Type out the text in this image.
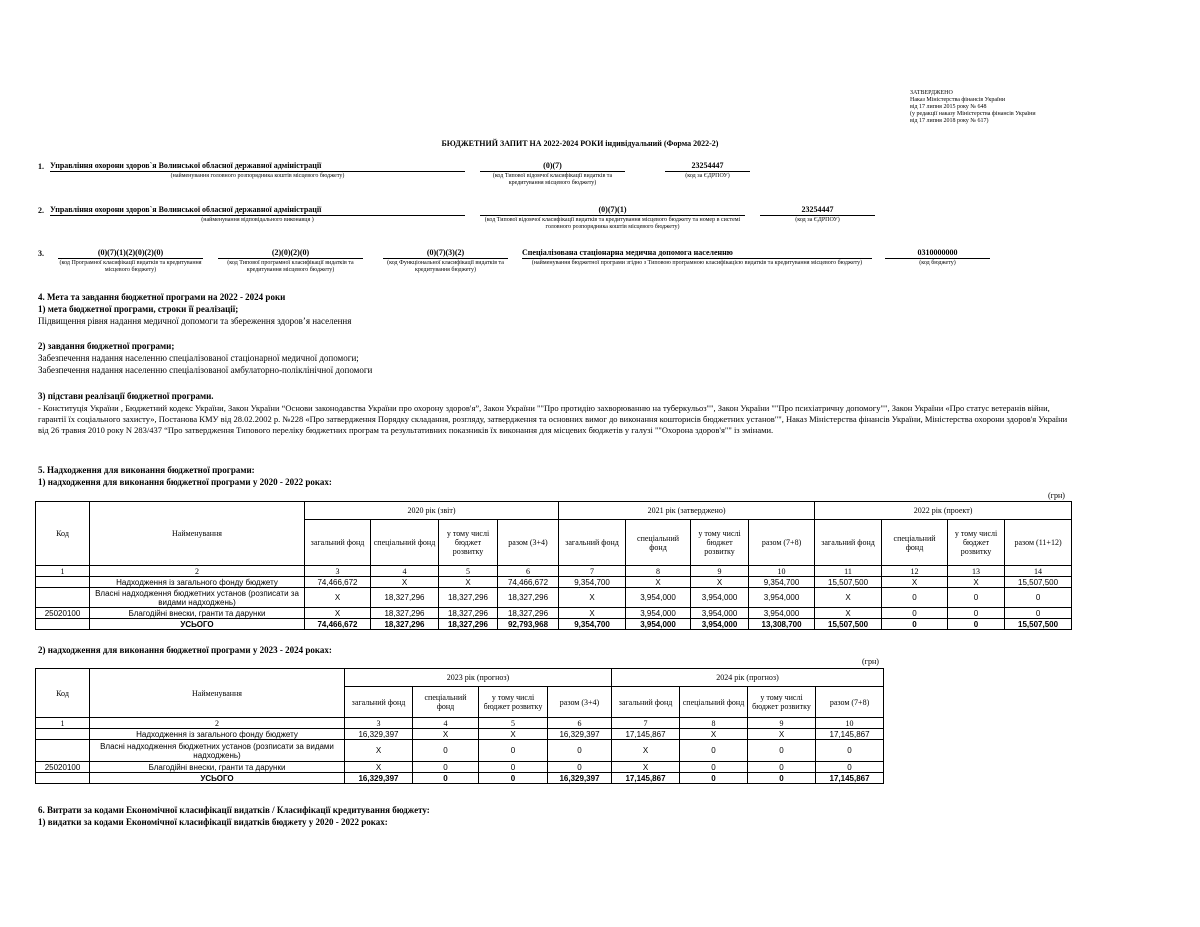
ЗАТВЕРДЖЕНО
Наказ Міністерства фінансів України
від 17 липня 2015 року № 648
(у редакції наказу Міністерства фінансів України
від 17 липня 2018 року № 617)
БЮДЖЕТНИЙ ЗАПИТ НА 2022-2024 РОКИ індивідуальний (Форма 2022-2)
1. Управління охорони здоров`я Волинської обласної державної адміністрації
(найменування головного розпорядника коштів місцевого бюджету)
(0)(7)
(код Типової відомчої класифікації видатків та кредитування місцевого бюджету)
23254447
(код за ЄДРПОУ)
2. Управління охорони здоров`я Волинської обласної державної адміністрації
(найменування відповідального виконавця )
(0)(7)(1)
(код Типової відомчої класифікації видатків та кредитування місцевого бюджету та номер в системі головного розпорядника коштів місцевого бюджету)
23254447
(код за ЄДРПОУ)
3.	(0)(7)(1)(2)(0)(2)(0)
(код Програмної класифікації видатків та кредитування місцевого бюджету)
(2)(0)(2)(0)
(код Типової програмної класифікації видатків та кредитування місцевого бюджету)
(0)(7)(3)(2)
(код Функціональної класифікації видатків та кредитування бюджету)
Спеціалізована стаціонарна медична допомога населенню
(найменування бюджетної програми згідно з Типовою програмною класифікацією видатків та кредитування місцевого бюджету)
0310000000
(код бюджету)
4. Мета та завдання бюджетної програми на 2022 - 2024 роки
1) мета бюджетної програми, строки її реалізації;
Підвищення рівня надання медичної допомоги та збереження здоров’я населення
2) завдання бюджетної програми;
Забезпечення надання населенню спеціалізованої стаціонарної медичної допомоги;
Забезпечення надання населенню спеціалізованої амбулаторно-поліклінічної допомоги
3) підстави реалізації бюджетної програми.
- Конституція України , Бюджетний кодекс України, Закон України “Основи законодавства України про охорону здоров'я”, Закон України ""Про протидію захворюванню на туберкульоз"", Закон України ""Про психіатричну допомогу"", Закон України «Про статус ветеранів війни, гарантії їх соціального захисту», Постанова КМУ від 28.02.2002 р. №228 «Про затвердження Порядку складання, розгляду, затвердження та основних вимог до виконання кошторисів бюджетних установ"", Наказ Міністерства фінансів України, Міністерства охорони здоров'я України від 26 травня 2010 року N 283/437 “Про затвердження Типового переліку бюджетних програм та результативних показників їх виконання для місцевих бюджетів у галузі ""Охорона здоров'я"" із змінами.
5. Надходження для виконання бюджетної програми:
1) надходження для виконання бюджетної програми у 2020 - 2022 роках:
(грн)
Код	Найменування	2020 рік (звіт)				2021 рік (затверджено)				2022 рік (проект)			
		загальний фонд	спеціальний фонд	у тому числі бюджет розвитку	разом (3+4)	загальний фонд	спеціальний фонд	у тому числі бюджет розвитку	разом (7+8)	загальний фонд	спеціальний фонд	у тому числі бюджет розвитку	разом (11+12)
1	2	3	4	5	6	7	8	9	10	11	12	13	14
	Надходження із загального фонду бюджету	74,466,672	X	X	74,466,672	9,354,700	X	X	9,354,700	15,507,500	X	X	15,507,500
	Власні надходження бюджетних установ (розписати за видами надходжень)	X	18,327,296	18,327,296	18,327,296	X	3,954,000	3,954,000	3,954,000	X	0	0	0
25020100	Благодійні внески, гранти та дарунки	X	18,327,296	18,327,296	18,327,296	X	3,954,000	3,954,000	3,954,000	X	0	0	0
	УСЬОГО	74,466,672	18,327,296	18,327,296	92,793,968	9,354,700	3,954,000	3,954,000	13,308,700	15,507,500	0	0	15,507,500
2) надходження для виконання бюджетної програми у 2023 - 2024 роках:
(грн)
Код	Найменування	2023 рік (прогноз)				2024 рік (прогноз)			
		загальний фонд	спеціальний фонд	у тому числі бюджет розвитку	разом (3+4)	загальний фонд	спеціальний фонд	у тому числі бюджет розвитку	разом (7+8)
1	2	3	4	5	6	7	8	9	10
	Надходження із загального фонду бюджету	16,329,397	X	X	16,329,397	17,145,867	X	X	17,145,867
	Власні надходження бюджетних установ (розписати за видами надходжень)	X	0	0	0	X	0	0	0
25020100	Благодійні внески, гранти та дарунки	X	0	0	0	X	0	0	0
	УСЬОГО	16,329,397	0	0	16,329,397	17,145,867	0	0	17,145,867
6. Витрати за кодами Економічної класифікації видатків / Класифікації кредитування бюджету:
1) видатки за кодами Економічної класифікації видатків бюджету у 2020 - 2022 роках:
